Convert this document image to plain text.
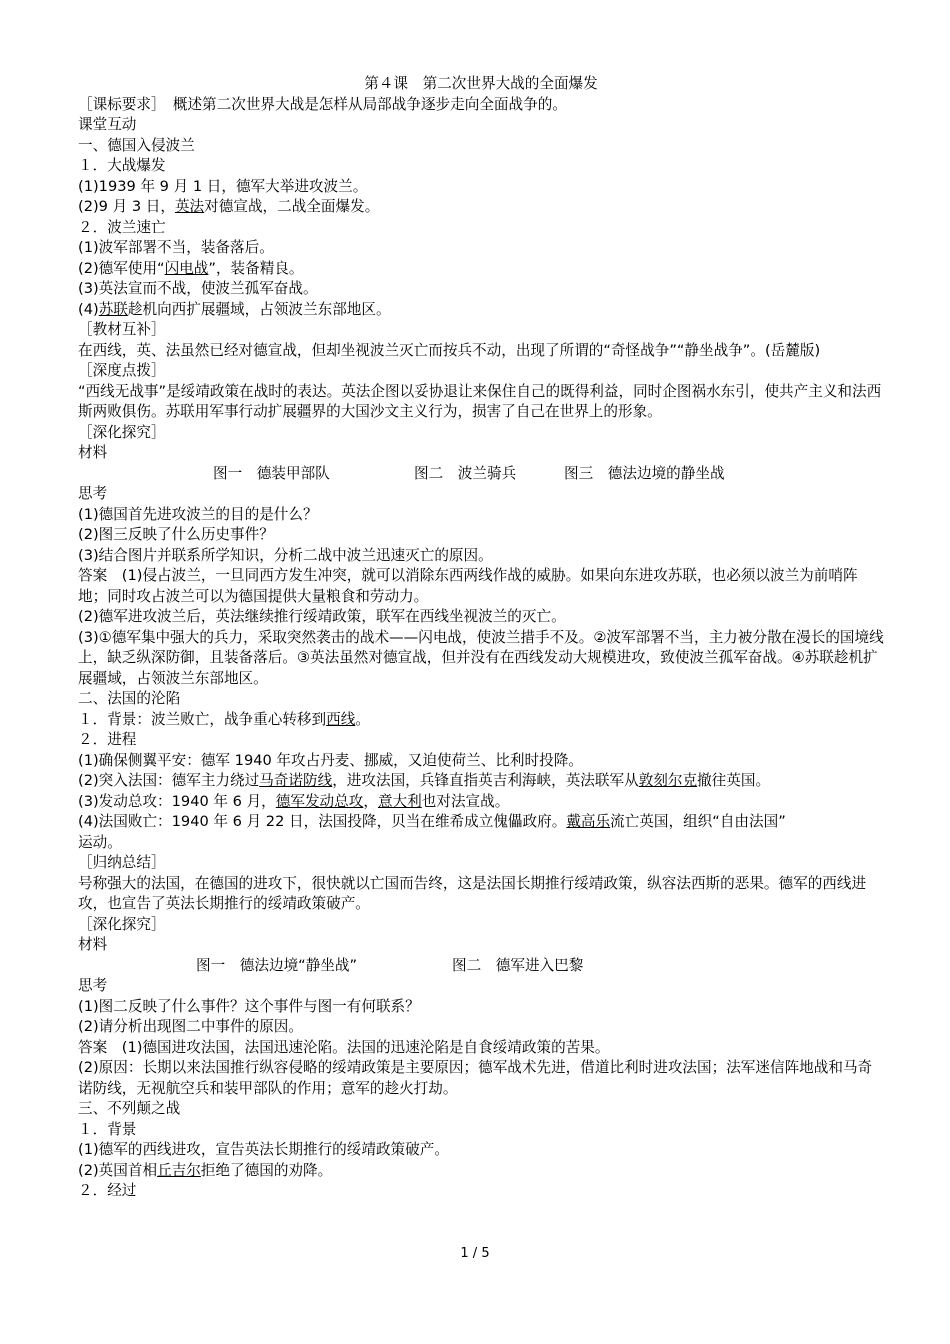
第４课　第二次世界大战的全面爆发
［课标要求］　概述第二次世界大战是怎样从局部战争逐步走向全面战争的。
课堂互动
一、德国入侵波兰
１．大战爆发
(1)1939 年 9 月 1 日，德军大举进攻波兰。
(2)9 月 3 日，英法对德宣战，二战全面爆发。
２．波兰速亡
(1)波军部署不当，装备落后。
(2)德军使用“闪电战”，装备精良。
(3)英法宣而不战，使波兰孤军奋战。
(4)苏联趁机向西扩展疆域，占领波兰东部地区。
［教材互补］
在西线，英、法虽然已经对德宣战，但却坐视波兰灭亡而按兵不动，出现了所谓的“奇怪战争”“静坐战争”。(岳麓版)
［深度点拨］
“西线无战事”是绥靖政策在战时的表达。英法企图以妥协退让来保住自己的既得利益，同时企图祸水东引，使共产主义和法西斯两败俱伤。苏联用军事行动扩展疆界的大国沙文主义行为，损害了自己在世界上的形象。
［深化探究］
材料
图一　德装甲部队	图二　波兰骑兵	图三　德法边境的静坐战
思考
(1)德国首先进攻波兰的目的是什么？
(2)图三反映了什么历史事件？
(3)结合图片并联系所学知识，分析二战中波兰迅速灭亡的原因。
答案　(1)侵占波兰，一旦同西方发生冲突，就可以消除东西两线作战的威胁。如果向东进攻苏联，也必须以波兰为前哨阵地；同时攻占波兰可以为德国提供大量粮食和劳动力。
(2)德军进攻波兰后，英法继续推行绥靖政策，联军在西线坐视波兰的灭亡。
(3)①德军集中强大的兵力，采取突然袭击的战术——闪电战，使波兰措手不及。②波军部署不当，主力被分散在漫长的国境线上，缺乏纵深防御，且装备落后。③英法虽然对德宣战，但并没有在西线发动大规模进攻，致使波兰孤军奋战。④苏联趁机扩展疆域，占领波兰东部地区。
二、法国的沦陷
１．背景：波兰败亡，战争重心转移到西线。
２．进程
(1)确保侧翼平安：德军 1940 年攻占丹麦、挪威，又迫使荷兰、比利时投降。
(2)突入法国：德军主力绕过马奇诺防线，进攻法国，兵锋直指英吉利海峡，英法联军从敦刻尔克撤往英国。
(3)发动总攻：1940 年 6 月，德军发动总攻，意大利也对法宣战。
(4)法国败亡：1940 年 6 月 22 日，法国投降，贝当在维希成立傀儡政府。戴高乐流亡英国，组织“自由法国”
运动。
［归纳总结］
号称强大的法国，在德国的进攻下，很快就以亡国而告终，这是法国长期推行绥靖政策，纵容法西斯的恶果。德军的西线进攻，也宣告了英法长期推行的绥靖政策破产。
［深化探究］
材料
图一　德法边境“静坐战”	图二　德军进入巴黎
思考
(1)图二反映了什么事件？这个事件与图一有何联系？
(2)请分析出现图二中事件的原因。
答案　(1)德国进攻法国，法国迅速沦陷。法国的迅速沦陷是自食绥靖政策的苦果。
(2)原因：长期以来法国推行纵容侵略的绥靖政策是主要原因；德军战术先进，借道比利时进攻法国；法军迷信阵地战和马奇诺防线，无视航空兵和装甲部队的作用；意军的趁火打劫。
三、不列颠之战
１．背景
(1)德军的西线进攻，宣告英法长期推行的绥靖政策破产。
(2)英国首相丘吉尔拒绝了德国的劝降。
２．经过
1 / 5
